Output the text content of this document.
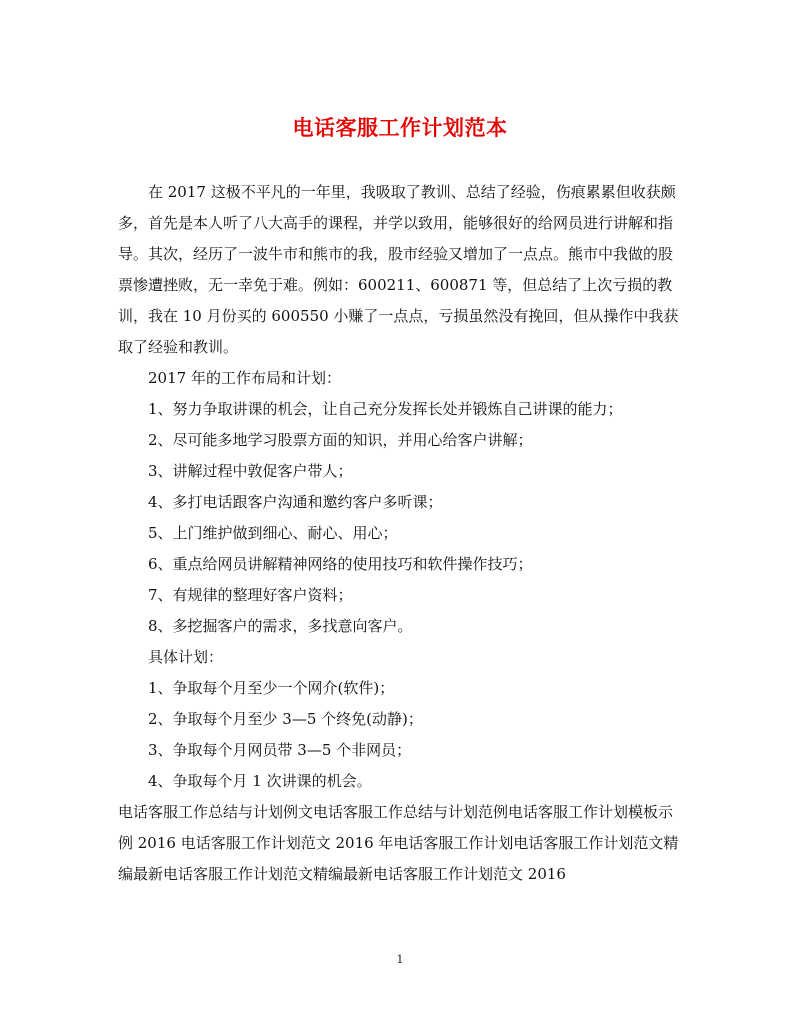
电话客服工作计划范本

在 2017 这极不平凡的一年里，我吸取了教训、总结了经验，伤痕累累但收获颇多，首先是本人听了八大高手的课程，并学以致用，能够很好的给网员进行讲解和指导。其次，经历了一波牛市和熊市的我，股市经验又增加了一点点。熊市中我做的股票惨遭挫败，无一幸免于难。例如：600211、600871 等，但总结了上次亏损的教训，我在 10 月份买的 600550 小赚了一点点，亏损虽然没有挽回，但从操作中我获取了经验和教训。

2017 年的工作布局和计划：

1、努力争取讲课的机会，让自己充分发挥长处并锻炼自己讲课的能力；

2、尽可能多地学习股票方面的知识，并用心给客户讲解；

3、讲解过程中敦促客户带人；

4、多打电话跟客户沟通和邀约客户多听课；

5、上门维护做到细心、耐心、用心；

6、重点给网员讲解精神网络的使用技巧和软件操作技巧；

7、有规律的整理好客户资料；

8、多挖掘客户的需求，多找意向客户。

具体计划：

1、争取每个月至少一个网介(软件)；

2、争取每个月至少 3—5 个终免(动静)；

3、争取每个月网员带 3—5 个非网员；

4、争取每个月 1 次讲课的机会。

电话客服工作总结与计划例文电话客服工作总结与计划范例电话客服工作计划模板示例 2016 电话客服工作计划范文 2016 年电话客服工作计划电话客服工作计划范文精编最新电话客服工作计划范文精编最新电话客服工作计划范文 2016

1
